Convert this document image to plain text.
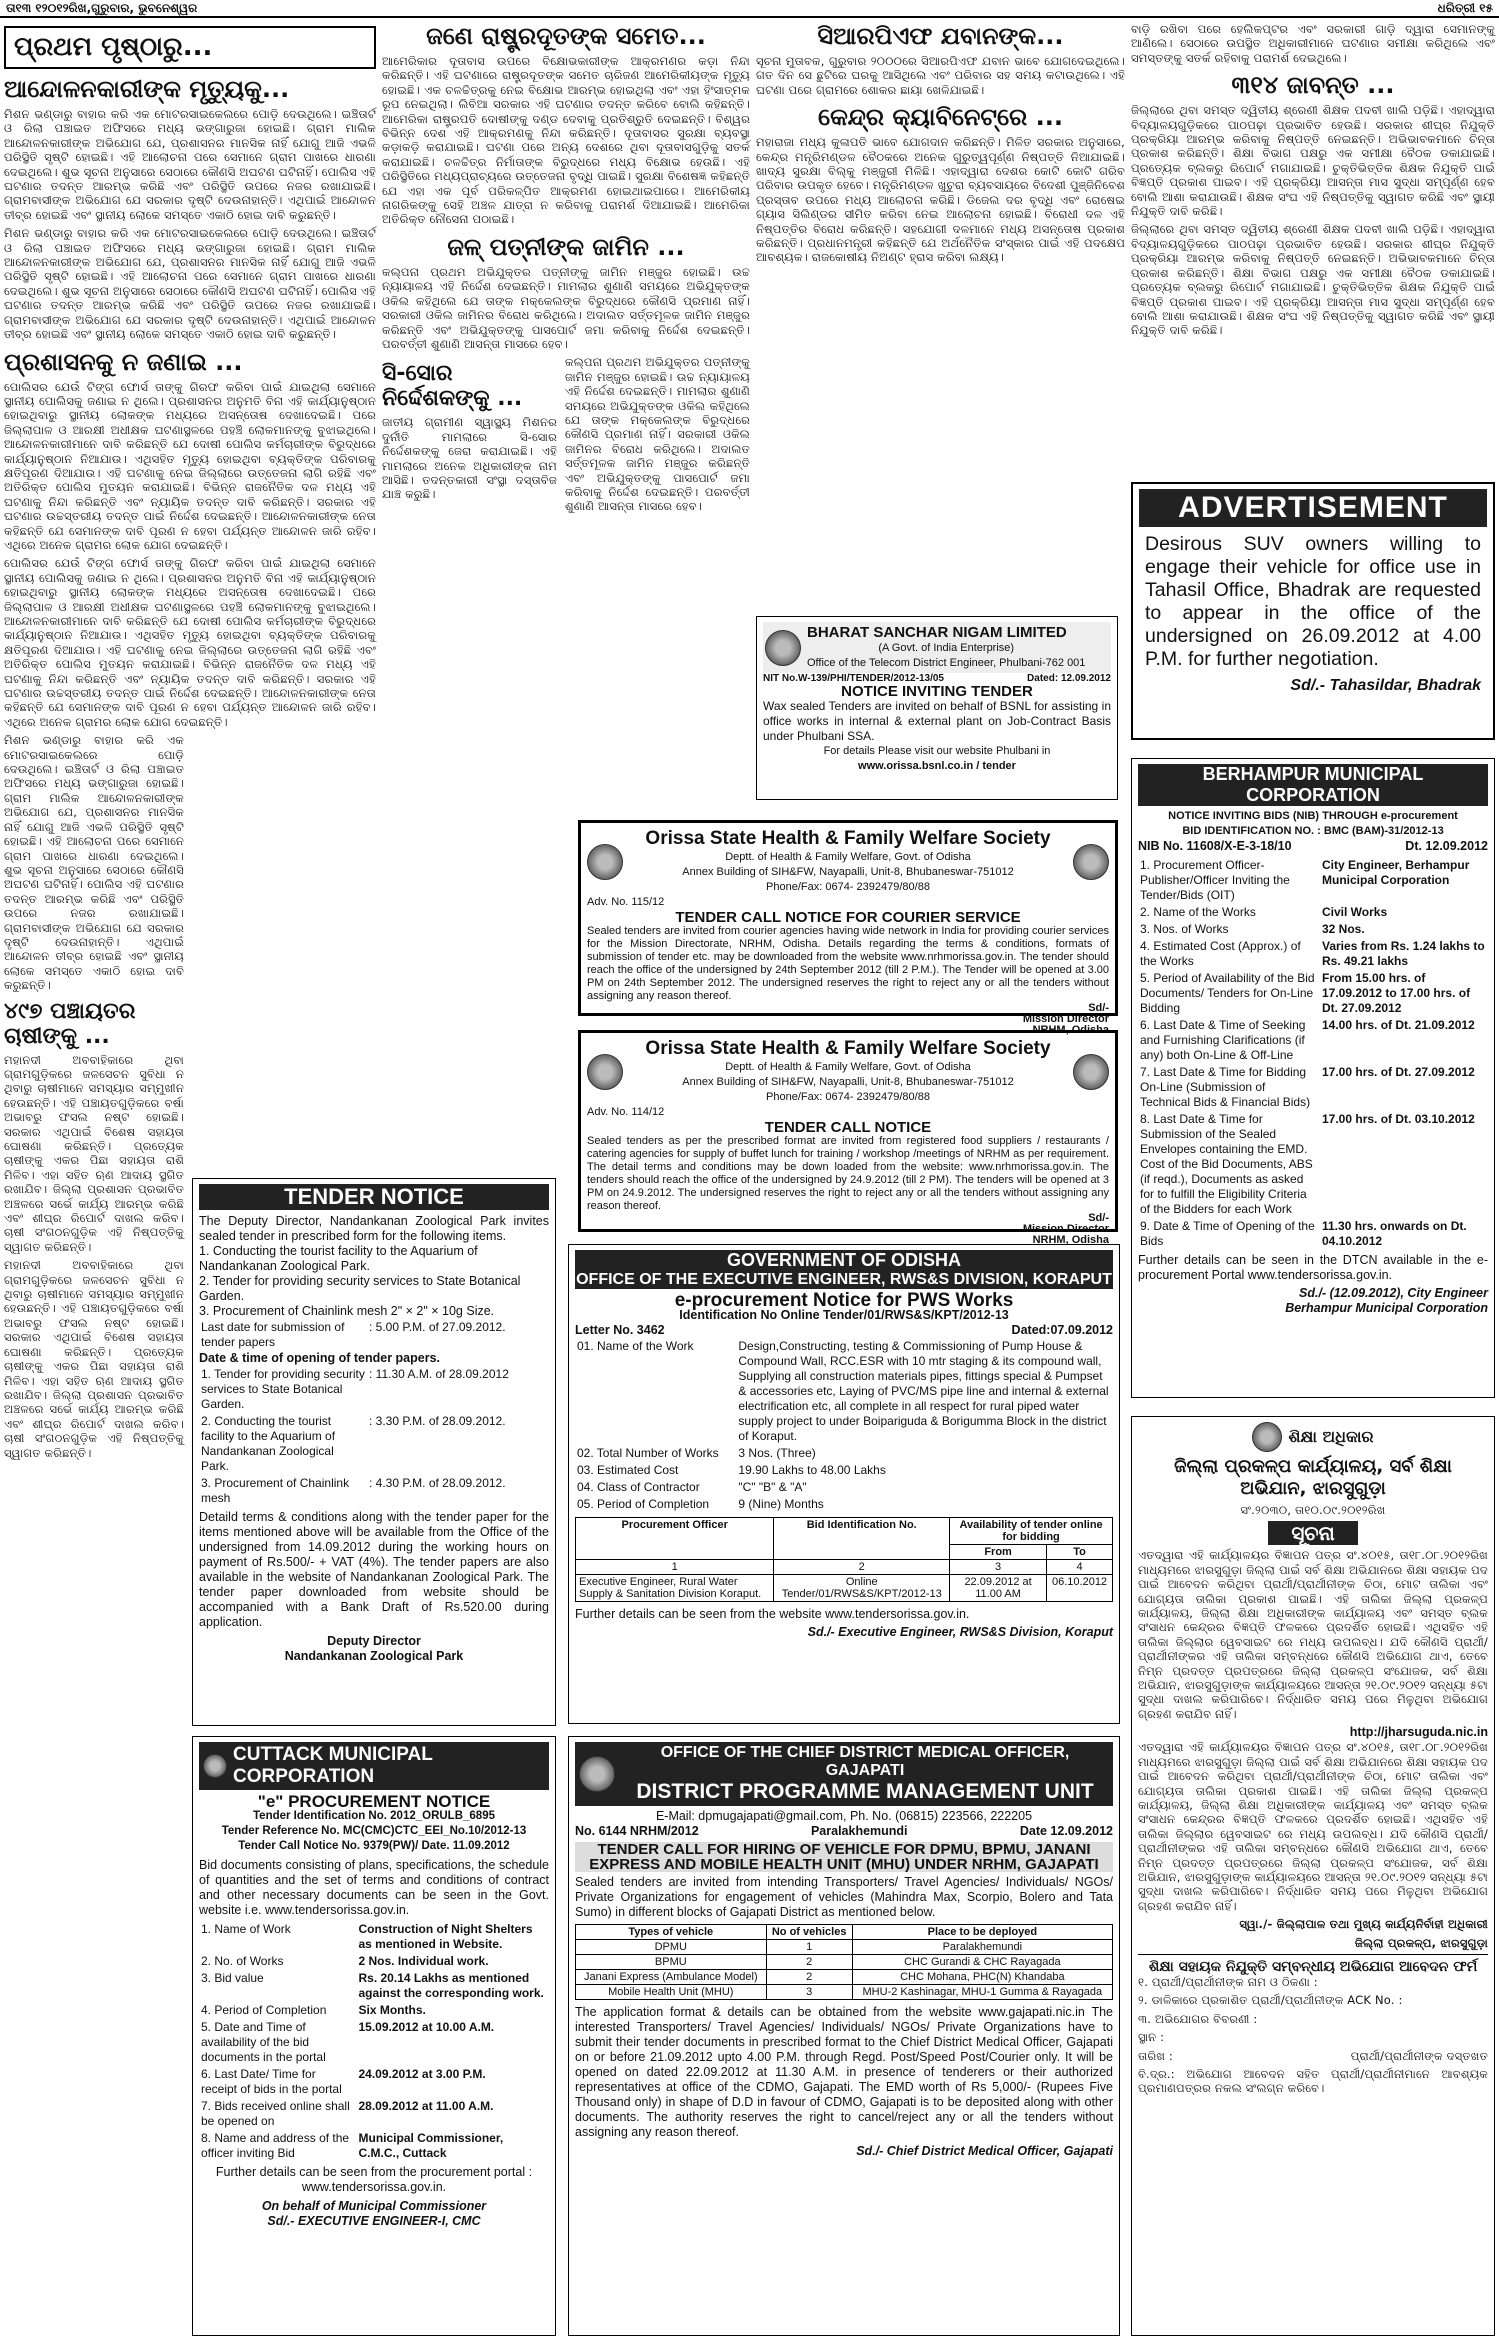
ତା୧୩ ୧୨୦୧୨ରିଖ,ଗୁରୁବାର, ଭୁବନେଶ୍ୱର	ଧରିତ୍ରୀ ୧୫
ପ୍ରଥମ ପୃଷ୍ଠାରୁ...
ଆନ୍ଦୋଳନକାରୀଙ୍କ ମୃତ୍ୟୁକୁ...

ମିଶନ ଭଣ୍ଡାରୁ ବାହାର କରି ଏକ ମୋଟରସାଇକେଲରେ ପୋଡ଼ି ଦେଉଥିଲେ। ଇଞ୍ଚିତାର୍ଟ ଓ ରିଲା ପଞ୍ଚାଇତ ଅଫିସରେ ମଧ୍ୟ ଭଙ୍ଗାରୁଜା ହୋଇଛି। ଗ୍ରାମ ମାଲିକ ଆନ୍ଦୋଳନକାରୀଙ୍କ ଅଭିଯୋଗ ଯେ, ପ୍ରଶାସନର ମାନସିକ ନାହିଁ ଯୋଗୁ ଆଜି ଏଭଳି ପରିସ୍ଥିତି ସୃଷ୍ଟି ହୋଇଛି। ଏହି ଆଲୋଚନା ପରେ ସେମାନେ ଗ୍ରାମ ପାଖରେ ଧାରଣା ଦେଇଥିଲେ। ଶୁଭ ସୂଚନା ଅନୁସାରେ ସେଠାରେ କୌଣସି ଅଘଟଣ ଘଟିନାହିଁ। ପୋଲିସ ଏହି ଘଟଣାର ତଦନ୍ତ ଆରମ୍ଭ କରିଛି ଏବଂ ପରିସ୍ଥିତି ଉପରେ ନଜର ରଖାଯାଇଛି। ଗ୍ରାମବାସୀଙ୍କ ଅଭିଯୋଗ ଯେ ସରକାର ଦୃଷ୍ଟି ଦେଉନାହାନ୍ତି। ଏଥିପାଇଁ ଆନ୍ଦୋଳନ ତୀବ୍ର ହୋଇଛି ଏବଂ ସ୍ଥାନୀୟ ଲୋକେ ସମସ୍ତେ ଏକାଠି ହୋଇ ଦାବି କରୁଛନ୍ତି।

ମିଶନ ଭଣ୍ଡାରୁ ବାହାର କରି ଏକ ମୋଟରସାଇକେଲରେ ପୋଡ଼ି ଦେଉଥିଲେ। ଇଞ୍ଚିତାର୍ଟ ଓ ରିଲା ପଞ୍ଚାଇତ ଅଫିସରେ ମଧ୍ୟ ଭଙ୍ଗାରୁଜା ହୋଇଛି। ଗ୍ରାମ ମାଲିକ ଆନ୍ଦୋଳନକାରୀଙ୍କ ଅଭିଯୋଗ ଯେ, ପ୍ରଶାସନର ମାନସିକ ନାହିଁ ଯୋଗୁ ଆଜି ଏଭଳି ପରିସ୍ଥିତି ସୃଷ୍ଟି ହୋଇଛି। ଏହି ଆଲୋଚନା ପରେ ସେମାନେ ଗ୍ରାମ ପାଖରେ ଧାରଣା ଦେଇଥିଲେ। ଶୁଭ ସୂଚନା ଅନୁସାରେ ସେଠାରେ କୌଣସି ଅଘଟଣ ଘଟିନାହିଁ। ପୋଲିସ ଏହି ଘଟଣାର ତଦନ୍ତ ଆରମ୍ଭ କରିଛି ଏବଂ ପରିସ୍ଥିତି ଉପରେ ନଜର ରଖାଯାଇଛି। ଗ୍ରାମବାସୀଙ୍କ ଅଭିଯୋଗ ଯେ ସରକାର ଦୃଷ୍ଟି ଦେଉନାହାନ୍ତି। ଏଥିପାଇଁ ଆନ୍ଦୋଳନ ତୀବ୍ର ହୋଇଛି ଏବଂ ସ୍ଥାନୀୟ ଲୋକେ ସମସ୍ତେ ଏକାଠି ହୋଇ ଦାବି କରୁଛନ୍ତି।

ପ୍ରଶାସନକୁ ନ ଜଣାଇ ...

ପୋଲିସର ଯେଉଁ ଟିଙ୍ଗ ଫୋର୍ସ ତାଙ୍କୁ ଗିରଫ କରିବା ପାଇଁ ଯାଇଥିଲା ସେମାନେ ସ୍ଥାନୀୟ ପୋଲିସକୁ ଜଣାଇ ନ ଥିଲେ। ପ୍ରଶାସନର ଅନୁମତି ବିନା ଏହି କାର୍ଯ୍ୟାନୁଷ୍ଠାନ ହୋଇଥିବାରୁ ସ୍ଥାନୀୟ ଲୋକଙ୍କ ମଧ୍ୟରେ ଅସନ୍ତୋଷ ଦେଖାଦେଇଛି। ପରେ ଜିଲ୍ଲାପାଳ ଓ ଆରକ୍ଷୀ ଅଧୀକ୍ଷକ ଘଟଣାସ୍ଥଳରେ ପହଞ୍ଚି ଲୋକମାନଙ୍କୁ ବୁଝାଇଥିଲେ। ଆନ୍ଦୋଳନକାରୀମାନେ ଦାବି କରିଛନ୍ତି ଯେ ଦୋଷୀ ପୋଲିସ କର୍ମଚାରୀଙ୍କ ବିରୁଦ୍ଧରେ କାର୍ଯ୍ୟାନୁଷ୍ଠାନ ନିଆଯାଉ। ଏଥିସହିତ ମୃତ୍ୟୁ ହୋଇଥିବା ବ୍ୟକ୍ତିଙ୍କ ପରିବାରକୁ କ୍ଷତିପୂରଣ ଦିଆଯାଉ। ଏହି ଘଟଣାକୁ ନେଇ ଜିଲ୍ଲାରେ ଉତ୍ତେଜନା ଲାଗି ରହିଛି ଏବଂ ଅତିରିକ୍ତ ପୋଲିସ ମୁତୟନ କରାଯାଇଛି। ବିଭିନ୍ନ ରାଜନୈତିକ ଦଳ ମଧ୍ୟ ଏହି ଘଟଣାକୁ ନିନ୍ଦା କରିଛନ୍ତି ଏବଂ ନ୍ୟାୟିକ ତଦନ୍ତ ଦାବି କରିଛନ୍ତି। ସରକାର ଏହି ଘଟଣାର ଉଚ୍ଚସ୍ତରୀୟ ତଦନ୍ତ ପାଇଁ ନିର୍ଦ୍ଦେଶ ଦେଇଛନ୍ତି। ଆନ୍ଦୋଳନକାରୀଙ୍କ ନେତା କହିଛନ୍ତି ଯେ ସେମାନଙ୍କ ଦାବି ପୂରଣ ନ ହେବା ପର୍ଯ୍ୟନ୍ତ ଆନ୍ଦୋଳନ ଜାରି ରହିବ। ଏଥିରେ ଅନେକ ଗ୍ରାମର ଲୋକ ଯୋଗ ଦେଇଛନ୍ତି।

ପୋଲିସର ଯେଉଁ ଟିଙ୍ଗ ଫୋର୍ସ ତାଙ୍କୁ ଗିରଫ କରିବା ପାଇଁ ଯାଇଥିଲା ସେମାନେ ସ୍ଥାନୀୟ ପୋଲିସକୁ ଜଣାଇ ନ ଥିଲେ। ପ୍ରଶାସନର ଅନୁମତି ବିନା ଏହି କାର୍ଯ୍ୟାନୁଷ୍ଠାନ ହୋଇଥିବାରୁ ସ୍ଥାନୀୟ ଲୋକଙ୍କ ମଧ୍ୟରେ ଅସନ୍ତୋଷ ଦେଖାଦେଇଛି। ପରେ ଜିଲ୍ଲାପାଳ ଓ ଆରକ୍ଷୀ ଅଧୀକ୍ଷକ ଘଟଣାସ୍ଥଳରେ ପହଞ୍ଚି ଲୋକମାନଙ୍କୁ ବୁଝାଇଥିଲେ। ଆନ୍ଦୋଳନକାରୀମାନେ ଦାବି କରିଛନ୍ତି ଯେ ଦୋଷୀ ପୋଲିସ କର୍ମଚାରୀଙ୍କ ବିରୁଦ୍ଧରେ କାର୍ଯ୍ୟାନୁଷ୍ଠାନ ନିଆଯାଉ। ଏଥିସହିତ ମୃତ୍ୟୁ ହୋଇଥିବା ବ୍ୟକ୍ତିଙ୍କ ପରିବାରକୁ କ୍ଷତିପୂରଣ ଦିଆଯାଉ। ଏହି ଘଟଣାକୁ ନେଇ ଜିଲ୍ଲାରେ ଉତ୍ତେଜନା ଲାଗି ରହିଛି ଏବଂ ଅତିରିକ୍ତ ପୋଲିସ ମୁତୟନ କରାଯାଇଛି। ବିଭିନ୍ନ ରାଜନୈତିକ ଦଳ ମଧ୍ୟ ଏହି ଘଟଣାକୁ ନିନ୍ଦା କରିଛନ୍ତି ଏବଂ ନ୍ୟାୟିକ ତଦନ୍ତ ଦାବି କରିଛନ୍ତି। ସରକାର ଏହି ଘଟଣାର ଉଚ୍ଚସ୍ତରୀୟ ତଦନ୍ତ ପାଇଁ ନିର୍ଦ୍ଦେଶ ଦେଇଛନ୍ତି। ଆନ୍ଦୋଳନକାରୀଙ୍କ ନେତା କହିଛନ୍ତି ଯେ ସେମାନଙ୍କ ଦାବି ପୂରଣ ନ ହେବା ପର୍ଯ୍ୟନ୍ତ ଆନ୍ଦୋଳନ ଜାରି ରହିବ। ଏଥିରେ ଅନେକ ଗ୍ରାମର ଲୋକ ଯୋଗ ଦେଇଛନ୍ତି।

ମିଶନ ଭଣ୍ଡାରୁ ବାହାର କରି ଏକ ମୋଟରସାଇକେଲରେ ପୋଡ଼ି ଦେଉଥିଲେ। ଇଞ୍ଚିତାର୍ଟ ଓ ରିଲା ପଞ୍ଚାଇତ ଅଫିସରେ ମଧ୍ୟ ଭଙ୍ଗାରୁଜା ହୋଇଛି। ଗ୍ରାମ ମାଲିକ ଆନ୍ଦୋଳନକାରୀଙ୍କ ଅଭିଯୋଗ ଯେ, ପ୍ରଶାସନର ମାନସିକ ନାହିଁ ଯୋଗୁ ଆଜି ଏଭଳି ପରିସ୍ଥିତି ସୃଷ୍ଟି ହୋଇଛି। ଏହି ଆଲୋଚନା ପରେ ସେମାନେ ଗ୍ରାମ ପାଖରେ ଧାରଣା ଦେଇଥିଲେ। ଶୁଭ ସୂଚନା ଅନୁସାରେ ସେଠାରେ କୌଣସି ଅଘଟଣ ଘଟିନାହିଁ। ପୋଲିସ ଏହି ଘଟଣାର ତଦନ୍ତ ଆରମ୍ଭ କରିଛି ଏବଂ ପରିସ୍ଥିତି ଉପରେ ନଜର ରଖାଯାଇଛି। ଗ୍ରାମବାସୀଙ୍କ ଅଭିଯୋଗ ଯେ ସରକାର ଦୃଷ୍ଟି ଦେଉନାହାନ୍ତି। ଏଥିପାଇଁ ଆନ୍ଦୋଳନ ତୀବ୍ର ହୋଇଛି ଏବଂ ସ୍ଥାନୀୟ ଲୋକେ ସମସ୍ତେ ଏକାଠି ହୋଇ ଦାବି କରୁଛନ୍ତି।

୪୯୭ ପଞ୍ଚାୟତର ଚାଷୀଙ୍କୁ ...

ମହାନଦୀ ଅବବାହିକାରେ ଥିବା ଗ୍ରାମଗୁଡ଼ିକରେ ଜଳସେଚନ ସୁବିଧା ନ ଥିବାରୁ ଚାଷୀମାନେ ସମସ୍ୟାର ସମ୍ମୁଖୀନ ହେଉଛନ୍ତି। ଏହି ପଞ୍ଚାୟତଗୁଡ଼ିକରେ ବର୍ଷା ଅଭାବରୁ ଫସଲ ନଷ୍ଟ ହୋଇଛି। ସରକାର ଏଥିପାଇଁ ବିଶେଷ ସହାୟତା ଘୋଷଣା କରିଛନ୍ତି। ପ୍ରତ୍ୟେକ ଚାଷୀଙ୍କୁ ଏକର ପିଛା ସହାୟତା ରାଶି ମିଳିବ। ଏହା ସହିତ ଋଣ ଆଦାୟ ସ୍ଥଗିତ ରଖାଯିବ। ଜିଲ୍ଲା ପ୍ରଶାସନ ପ୍ରଭାବିତ ଅଞ୍ଚଳରେ ସର୍ଭେ କାର୍ଯ୍ୟ ଆରମ୍ଭ କରିଛି ଏବଂ ଶୀଘ୍ର ରିପୋର୍ଟ ଦାଖଲ କରିବ। ଚାଷୀ ସଂଗଠନଗୁଡ଼ିକ ଏହି ନିଷ୍ପତ୍ତିକୁ ସ୍ୱାଗତ କରିଛନ୍ତି।

ମହାନଦୀ ଅବବାହିକାରେ ଥିବା ଗ୍ରାମଗୁଡ଼ିକରେ ଜଳସେଚନ ସୁବିଧା ନ ଥିବାରୁ ଚାଷୀମାନେ ସମସ୍ୟାର ସମ୍ମୁଖୀନ ହେଉଛନ୍ତି। ଏହି ପଞ୍ଚାୟତଗୁଡ଼ିକରେ ବର୍ଷା ଅଭାବରୁ ଫସଲ ନଷ୍ଟ ହୋଇଛି। ସରକାର ଏଥିପାଇଁ ବିଶେଷ ସହାୟତା ଘୋଷଣା କରିଛନ୍ତି। ପ୍ରତ୍ୟେକ ଚାଷୀଙ୍କୁ ଏକର ପିଛା ସହାୟତା ରାଶି ମିଳିବ। ଏହା ସହିତ ଋଣ ଆଦାୟ ସ୍ଥଗିତ ରଖାଯିବ। ଜିଲ୍ଲା ପ୍ରଶାସନ ପ୍ରଭାବିତ ଅଞ୍ଚଳରେ ସର୍ଭେ କାର୍ଯ୍ୟ ଆରମ୍ଭ କରିଛି ଏବଂ ଶୀଘ୍ର ରିପୋର୍ଟ ଦାଖଲ କରିବ। ଚାଷୀ ସଂଗଠନଗୁଡ଼ିକ ଏହି ନିଷ୍ପତ୍ତିକୁ ସ୍ୱାଗତ କରିଛନ୍ତି।

TENDER NOTICE
The Deputy Director, Nandankanan Zoological Park invites sealed tender in prescribed form for the following items.
1. Conducting the tourist facility to the Aquarium of Nandankanan Zoological Park.
2. Tender for providing security services to State Botanical Garden.
3. Procurement of Chainlink mesh 2" × 2" × 10g Size.
Last date for submission of tender papers	: 5.00 P.M. of 27.09.2012.
Date & time of opening of tender papers.
1. Tender for providing security services to State Botanical Garden.	: 11.30 A.M. of 28.09.2012
2. Conducting the tourist facility to the Aquarium of Nandankanan Zoological Park.	: 3.30 P.M. of 28.09.2012.
3. Procurement of Chainlink mesh	: 4.30 P.M. of 28.09.2012.
Detaild terms & conditions along with the tender paper for the items mentioned above will be available from the Office of the undersigned from 14.09.2012 during the working hours on payment of Rs.500/- + VAT (4%). The tender papers are also available in the website of Nandankanan Zoological Park. The tender paper downloaded from website should be accompanied with a Bank Draft of Rs.520.00 during application.
Deputy Director
Nandankanan Zoological Park
CUTTACK MUNICIPAL CORPORATION
"e" PROCUREMENT NOTICE
Tender Identification No. 2012_ORULB_6895
Tender Reference No. MC(CMC)CTC_EEI_No.10/2012-13
Tender Call Notice No. 9379(PW)/ Date. 11.09.2012
Bid documents consisting of plans, specifications, the schedule of quantities and the set of terms and conditions of contract and other necessary documents can be seen in the Govt. website i.e. www.tendersorissa.gov.in.
1. Name of Work	Construction of Night Shelters as mentioned in Website.
2. No. of Works	2 Nos. Individual work.
3. Bid value	Rs. 20.14 Lakhs as mentioned against the corresponding work.
4. Period of Completion	Six Months.
5. Date and Time of availability of the bid documents in the portal	15.09.2012 at 10.00 A.M.
6. Last Date/ Time for receipt of bids in the portal	24.09.2012 at 3.00 P.M.
7. Bids received online shall be opened on	28.09.2012 at 11.00 A.M.
8. Name and address of the officer inviting Bid	Municipal Commissioner, C.M.C., Cuttack
Further details can be seen from the procurement portal : www.tendersorissa.gov.in.
On behalf of Municipal Commissioner
Sd/.- EXECUTIVE ENGINEER-I, CMC
ଜଣେ ରାଷ୍ଟ୍ରଦୂତଙ୍କ ସମେତ...

ଆମେରିକାର ଦୂତାବାସ ଉପରେ ବିକ୍ଷୋଭକାରୀଙ୍କ ଆକ୍ରମଣର କଡ଼ା ନିନ୍ଦା କରିଛନ୍ତି। ଏହି ଘଟଣାରେ ରାଷ୍ଟ୍ରଦୂତଙ୍କ ସମେତ ଚାରିଜଣ ଆମେରିକୀୟଙ୍କ ମୃତ୍ୟୁ ହୋଇଛି। ଏକ ଚଳଚ୍ଚିତ୍ରକୁ ନେଇ ବିକ୍ଷୋଭ ଆରମ୍ଭ ହୋଇଥିଲା ଏବଂ ଏହା ହିଂସାତ୍ମକ ରୂପ ନେଇଥିଲା। ଲିବିଆ ସରକାର ଏହି ଘଟଣାର ତଦନ୍ତ କରିବେ ବୋଲି କହିଛନ୍ତି। ଆମେରିକା ରାଷ୍ଟ୍ରପତି ଦୋଷୀଙ୍କୁ ଦଣ୍ଡ ଦେବାକୁ ପ୍ରତିଶ୍ରୁତି ଦେଇଛନ୍ତି। ବିଶ୍ୱର ବିଭିନ୍ନ ଦେଶ ଏହି ଆକ୍ରମଣକୁ ନିନ୍ଦା କରିଛନ୍ତି। ଦୂତାବାସର ସୁରକ୍ଷା ବ୍ୟବସ୍ଥା କଡ଼ାକଡ଼ି କରାଯାଇଛି। ଘଟଣା ପରେ ଅନ୍ୟ ଦେଶରେ ଥିବା ଦୂତାବାସଗୁଡ଼ିକୁ ସତର୍କ କରାଯାଇଛି। ଚଳଚ୍ଚିତ୍ର ନିର୍ମାତାଙ୍କ ବିରୁଦ୍ଧରେ ମଧ୍ୟ ବିକ୍ଷୋଭ ହେଉଛି। ଏହି ପରିସ୍ଥିତିରେ ମଧ୍ୟପ୍ରାଚ୍ୟରେ ଉତ୍ତେଜନା ବୃଦ୍ଧି ପାଇଛି। ସୁରକ୍ଷା ବିଶେଷଜ୍ଞ କହିଛନ୍ତି ଯେ ଏହା ଏକ ପୂର୍ବ ପରିକଳ୍ପିତ ଆକ୍ରମଣ ହୋଇଥାଇପାରେ। ଆମେରିକୀୟ ନାଗରିକଙ୍କୁ ସେହି ଅଞ୍ଚଳ ଯାତ୍ରା ନ କରିବାକୁ ପରାମର୍ଶ ଦିଆଯାଇଛି। ଆମେରିକା ଅତିରିକ୍ତ ନୌସେନା ପଠାଇଛି।

ଜଳ୍ ପତ୍ନୀଙ୍କ ଜାମିନ ...

କଲ୍ପନା ପ୍ରଥମ ଅଭିଯୁକ୍ତର ପତ୍ନୀଙ୍କୁ ଜାମିନ ମଞ୍ଜୁର ହୋଇଛି। ଉଚ୍ଚ ନ୍ୟାୟାଳୟ ଏହି ନିର୍ଦ୍ଦେଶ ଦେଇଛନ୍ତି। ମାମଲାର ଶୁଣାଣି ସମୟରେ ଅଭିଯୁକ୍ତଙ୍କ ଓକିଲ କହିଥିଲେ ଯେ ତାଙ୍କ ମକ୍କେଲଙ୍କ ବିରୁଦ୍ଧରେ କୌଣସି ପ୍ରମାଣ ନାହିଁ। ସରକାରୀ ଓକିଲ ଜାମିନର ବିରୋଧ କରିଥିଲେ। ଅଦାଲତ ସର୍ତ୍ତମୂଳକ ଜାମିନ ମଞ୍ଜୁର କରିଛନ୍ତି ଏବଂ ଅଭିଯୁକ୍ତଙ୍କୁ ପାସପୋର୍ଟ ଜମା କରିବାକୁ ନିର୍ଦ୍ଦେଶ ଦେଇଛନ୍ତି। ପରବର୍ତ୍ତୀ ଶୁଣାଣି ଆସନ୍ତା ମାସରେ ହେବ।

ସି-ସୋର ନିର୍ଦ୍ଦେଶକଙ୍କୁ ...

ଜାତୀୟ ଗ୍ରାମୀଣ ସ୍ୱାସ୍ଥ୍ୟ ମିଶନର ଦୁର୍ନୀତି ମାମଲାରେ ସି-ସୋର ନିର୍ଦ୍ଦେଶକଙ୍କୁ ଜେରା କରାଯାଇଛି। ଏହି ମାମଲାରେ ଅନେକ ଅଧିକାରୀଙ୍କ ନାମ ଆସିଛି। ତଦନ୍ତକାରୀ ସଂସ୍ଥା ଦସ୍ତାବିଜ ଯାଞ୍ଚ କରୁଛି।

କଲ୍ପନା ପ୍ରଥମ ଅଭିଯୁକ୍ତର ପତ୍ନୀଙ୍କୁ ଜାମିନ ମଞ୍ଜୁର ହୋଇଛି। ଉଚ୍ଚ ନ୍ୟାୟାଳୟ ଏହି ନିର୍ଦ୍ଦେଶ ଦେଇଛନ୍ତି। ମାମଲାର ଶୁଣାଣି ସମୟରେ ଅଭିଯୁକ୍ତଙ୍କ ଓକିଲ କହିଥିଲେ ଯେ ତାଙ୍କ ମକ୍କେଲଙ୍କ ବିରୁଦ୍ଧରେ କୌଣସି ପ୍ରମାଣ ନାହିଁ। ସରକାରୀ ଓକିଲ ଜାମିନର ବିରୋଧ କରିଥିଲେ। ଅଦାଲତ ସର୍ତ୍ତମୂଳକ ଜାମିନ ମଞ୍ଜୁର କରିଛନ୍ତି ଏବଂ ଅଭିଯୁକ୍ତଙ୍କୁ ପାସପୋର୍ଟ ଜମା କରିବାକୁ ନିର୍ଦ୍ଦେଶ ଦେଇଛନ୍ତି। ପରବର୍ତ୍ତୀ ଶୁଣାଣି ଆସନ୍ତା ମାସରେ ହେବ।

ସିଆରପିଏଫ ଯବାନଙ୍କ...

ସୂଚନା ମୁତାବକ, ଗୁରୁବାର ୨୦୦୦ରେ ସିଆରପିଏଫ ଯବାନ ଭାବେ ଯୋଗଦେଇଥିଲେ। ଗତ ଦିନ ସେ ଛୁଟିରେ ଘରକୁ ଆସିଥିଲେ ଏବଂ ପରିବାର ସହ ସମୟ କଟାଉଥିଲେ। ଏହି ଘଟଣା ପରେ ଗ୍ରାମରେ ଶୋକର ଛାୟା ଖେଳିଯାଇଛି।

କେନ୍ଦ୍ର କ୍ୟାବିନେଟ୍‌ରେ ...

ମହାରାଜା ମଧ୍ୟ କୁଳାପତି ଭାବେ ଯୋଗଦାନ କରିଛନ୍ତି। ମିଳିତ ସରକାର ଅନୁସାରେ, କେନ୍ଦ୍ର ମନ୍ତ୍ରିମଣ୍ଡଳ ବୈଠକରେ ଅନେକ ଗୁରୁତ୍ୱପୂର୍ଣ୍ଣ ନିଷ୍ପତ୍ତି ନିଆଯାଇଛି। ଖାଦ୍ୟ ସୁରକ୍ଷା ବିଲ୍‌କୁ ମଞ୍ଜୁରୀ ମିଳିଛି। ଏହାଦ୍ୱାରା ଦେଶର କୋଟି କୋଟି ଗରିବ ପରିବାର ଉପକୃତ ହେବେ। ମନ୍ତ୍ରିମଣ୍ଡଳ ଖୁଚୁରା ବ୍ୟବସାୟରେ ବିଦେଶୀ ପୁଞ୍ଜିନିବେଶ ପ୍ରସ୍ତାବ ଉପରେ ମଧ୍ୟ ଆଲୋଚନା କରିଛି। ଡିଜେଲ ଦର ବୃଦ୍ଧି ଏବଂ ରୋଷେଇ ଗ୍ୟାସ ସିଲିଣ୍ଡର ସୀମିତ କରିବା ନେଇ ଆଲୋଚନା ହୋଇଛି। ବିରୋଧୀ ଦଳ ଏହି ନିଷ୍ପତ୍ତିର ବିରୋଧ କରିଛନ୍ତି। ସହଯୋଗୀ ଦଳମାନେ ମଧ୍ୟ ଅସନ୍ତୋଷ ପ୍ରକାଶ କରିଛନ୍ତି। ପ୍ରଧାନମନ୍ତ୍ରୀ କହିଛନ୍ତି ଯେ ଅର୍ଥନୈତିକ ସଂସ୍କାର ପାଇଁ ଏହି ପଦକ୍ଷେପ ଆବଶ୍ୟକ। ରାଜକୋଷୀୟ ନିଅଣ୍ଟ ହ୍ରାସ କରିବା ଲକ୍ଷ୍ୟ।

BHARAT SANCHAR NIGAM LIMITED
(A Govt. of India Enterprise)
Office of the Telecom District Engineer, Phulbani-762 001
NIT No.W-139/PHI/TENDER/2012-13/05	Dated: 12.09.2012
NOTICE INVITING TENDER
Wax sealed Tenders are invited on behalf of BSNL for assisting in office works in internal & external plant on Job-Contract Basis under Phulbani SSA.
For details Please visit our website Phulbani in
www.orissa.bsnl.co.in / tender
Orissa State Health & Family Welfare Society
Deptt. of Health & Family Welfare, Govt. of Odisha
Annex Building of SIH&FW, Nayapalli, Unit-8, Bhubaneswar-751012
Phone/Fax: 0674- 2392479/80/88
Adv. No. 115/12
TENDER CALL NOTICE FOR COURIER SERVICE
Sealed tenders are invited from courier agencies having wide network in India for providing courier services for the Mission Directorate, NRHM, Odisha. Details regarding the terms & conditions, formats of submission of tender etc. may be downloaded from the website www.nrhmorissa.gov.in. The tender should reach the office of the undersigned by 24th September 2012 (till 2 P.M.). The Tender will be opened at 3.00 PM on 24th September 2012. The undersigned reserves the right to reject any or all the tenders without assigning any reason thereof.
Sd/-
Mission Director
NRHM, Odisha
Orissa State Health & Family Welfare Society
Deptt. of Health & Family Welfare, Govt. of Odisha
Annex Building of SIH&FW, Nayapalli, Unit-8, Bhubaneswar-751012
Phone/Fax: 0674- 2392479/80/88
Adv. No. 114/12
TENDER CALL NOTICE
Sealed tenders as per the prescribed format are invited from registered food suppliers / restaurants / catering agencies for supply of buffet lunch for training / workshop /meetings of NRHM as per requirement. The detail terms and conditions may be down loaded from the website: www.nrhmorissa.gov.in. The tenders should reach the office of the undersigned by 24.9.2012 (till 2 PM). The tenders will be opened at 3 PM on 24.9.2012. The undersigned reserves the right to reject any or all the tenders without assigning any reason thereof.
Sd/-
Mission Director
NRHM, Odisha
GOVERNMENT OF ODISHA
OFFICE OF THE EXECUTIVE ENGINEER, RWS&S DIVISION, KORAPUT
e-procurement Notice for PWS Works
Identification No Online Tender/01/RWS&S/KPT/2012-13
Letter No. 3462	Dated:07.09.2012
01. Name of the Work	Design,Constructing, testing & Commissioning of Pump House & Compound Wall, RCC.ESR with 10 mtr staging & its compound wall, Supplying all construction materials pipes, fittings special & Pumpset & accessories etc, Laying of PVC/MS pipe line and internal & external electrification etc, all complete in all respect for rural piped water supply project to under Boipariguda & Borigumma Block in the district of Koraput.
02. Total Number of Works	3 Nos. (Three)
03. Estimated Cost	19.90 Lakhs to 48.00 Lakhs
04. Class of Contractor	"C" "B" & "A"
05. Period of Completion	9 (Nine) Months
Procurement Officer	Bid Identification No.	Availability of tender online for bidding	
		From	To
1	2	3	4
Executive Engineer, Rural Water Supply & Sanitation Division Koraput.	Online Tender/01/RWS&S/KPT/2012-13	22.09.2012 at 11.00 AM	06.10.2012
Further details can be seen from the website www.tendersorissa.gov.in.
Sd./- Executive Engineer, RWS&S Division, Koraput
OFFICE OF THE CHIEF DISTRICT MEDICAL OFFICER, GAJAPATI
DISTRICT PROGRAMME MANAGEMENT UNIT
E-Mail: dpmugajapati@gmail.com, Ph. No. (06815) 223566, 222205
No. 6144 NRHM/2012	Paralakhemundi	Date 12.09.2012
TENDER CALL FOR HIRING OF VEHICLE FOR DPMU, BPMU, JANANI EXPRESS AND MOBILE HEALTH UNIT (MHU) UNDER NRHM, GAJAPATI
Sealed tenders are invited from intending Transporters/ Travel Agencies/ Individuals/ NGOs/ Private Organizations for engagement of vehicles (Mahindra Max, Scorpio, Bolero and Tata Sumo) in different blocks of Gajapati District as mentioned below.
Types of vehicle	No of vehicles	Place to be deployed
DPMU	1	Paralakhemundi
BPMU	2	CHC Gurandi & CHC Rayagada
Janani Express (Ambulance Model)	2	CHC Mohana, PHC(N) Khandaba
Mobile Health Unit (MHU)	3	MHU-2 Kashinagar, MHU-1 Gumma & Rayagada
The application format & details can be obtained from the website www.gajapati.nic.in The interested Transporters/ Travel Agencies/ Individuals/ NGOs/ Private Organizations have to submit their tender documents in prescribed format to the Chief District Medical Officer, Gajapati on or before 21.09.2012 upto 4.00 P.M. through Regd. Post/Speed Post/Courier only. It will be opened on dated 22.09.2012 at 11.30 A.M. in presence of tenderers or their authorized representatives at office of the CDMO, Gajapati. The EMD worth of Rs 5,000/- (Rupees Five Thousand only) in shape of D.D in favour of CDMO, Gajapati is to be deposited along with other documents. The authority reserves the right to cancel/reject any or all the tenders without assigning any reason thereof.
Sd./- Chief District Medical Officer, Gajapati

ବାଡ଼ି ରଖିବା ପରେ ହେଲିକପ୍ଟର ଏବଂ ସରକାରୀ ଗାଡ଼ି ଦ୍ୱାରା ସେମାନଙ୍କୁ ଆଣିଲେ। ସେଠାରେ ଉପସ୍ଥିତ ଅଧିକାରୀମାନେ ଘଟଣାର ସମୀକ୍ଷା କରିଥିଲେ ଏବଂ ସମସ୍ତଙ୍କୁ ସତର୍କ ରହିବାକୁ ପରାମର୍ଶ ଦେଇଥିଲେ।

୩୧୪ ଜାବନ୍ତ ...

ଜିଲ୍ଲାରେ ଥିବା ସମସ୍ତ ଦ୍ୱିତୀୟ ଶ୍ରେଣୀ ଶିକ୍ଷକ ପଦବୀ ଖାଲି ପଡ଼ିଛି। ଏହାଦ୍ୱାରା ବିଦ୍ୟାଳୟଗୁଡ଼ିକରେ ପାଠପଢ଼ା ପ୍ରଭାବିତ ହେଉଛି। ସରକାର ଶୀଘ୍ର ନିଯୁକ୍ତି ପ୍ରକ୍ରିୟା ଆରମ୍ଭ କରିବାକୁ ନିଷ୍ପତ୍ତି ନେଇଛନ୍ତି। ଅଭିଭାବକମାନେ ଚିନ୍ତା ପ୍ରକାଶ କରିଛନ୍ତି। ଶିକ୍ଷା ବିଭାଗ ପକ୍ଷରୁ ଏକ ସମୀକ୍ଷା ବୈଠକ ଡକାଯାଇଛି। ପ୍ରତ୍ୟେକ ବ୍ଲକରୁ ରିପୋର୍ଟ ମଗାଯାଇଛି। ଚୁକ୍ତିଭିତ୍ତିକ ଶିକ୍ଷକ ନିଯୁକ୍ତି ପାଇଁ ବିଜ୍ଞପ୍ତି ପ୍ରକାଶ ପାଇବ। ଏହି ପ୍ରକ୍ରିୟା ଆସନ୍ତା ମାସ ସୁଦ୍ଧା ସମ୍ପୂର୍ଣ୍ଣ ହେବ ବୋଲି ଆଶା କରାଯାଉଛି। ଶିକ୍ଷକ ସଂଘ ଏହି ନିଷ୍ପତ୍ତିକୁ ସ୍ୱାଗତ କରିଛି ଏବଂ ସ୍ଥାୟୀ ନିଯୁକ୍ତି ଦାବି କରିଛି।

ଜିଲ୍ଲାରେ ଥିବା ସମସ୍ତ ଦ୍ୱିତୀୟ ଶ୍ରେଣୀ ଶିକ୍ଷକ ପଦବୀ ଖାଲି ପଡ଼ିଛି। ଏହାଦ୍ୱାରା ବିଦ୍ୟାଳୟଗୁଡ଼ିକରେ ପାଠପଢ଼ା ପ୍ରଭାବିତ ହେଉଛି। ସରକାର ଶୀଘ୍ର ନିଯୁକ୍ତି ପ୍ରକ୍ରିୟା ଆରମ୍ଭ କରିବାକୁ ନିଷ୍ପତ୍ତି ନେଇଛନ୍ତି। ଅଭିଭାବକମାନେ ଚିନ୍ତା ପ୍ରକାଶ କରିଛନ୍ତି। ଶିକ୍ଷା ବିଭାଗ ପକ୍ଷରୁ ଏକ ସମୀକ୍ଷା ବୈଠକ ଡକାଯାଇଛି। ପ୍ରତ୍ୟେକ ବ୍ଲକରୁ ରିପୋର୍ଟ ମଗାଯାଇଛି। ଚୁକ୍ତିଭିତ୍ତିକ ଶିକ୍ଷକ ନିଯୁକ୍ତି ପାଇଁ ବିଜ୍ଞପ୍ତି ପ୍ରକାଶ ପାଇବ। ଏହି ପ୍ରକ୍ରିୟା ଆସନ୍ତା ମାସ ସୁଦ୍ଧା ସମ୍ପୂର୍ଣ୍ଣ ହେବ ବୋଲି ଆଶା କରାଯାଉଛି। ଶିକ୍ଷକ ସଂଘ ଏହି ନିଷ୍ପତ୍ତିକୁ ସ୍ୱାଗତ କରିଛି ଏବଂ ସ୍ଥାୟୀ ନିଯୁକ୍ତି ଦାବି କରିଛି।

ADVERTISEMENT
Desirous SUV owners willing to engage their vehicle for office use in Tahasil Office, Bhadrak are requested to appear in the office of the undersigned on 26.09.2012 at 4.00 P.M. for further negotiation.
Sd/.- Tahasildar, Bhadrak
BERHAMPUR MUNICIPAL CORPORATION
NOTICE INVITING BIDS (NIB) THROUGH e-procurement
BID IDENTIFICATION NO. : BMC (BAM)-31/2012-13
NIB No. 11608/X-E-3-18/10	Dt. 12.09.2012
1. Procurement Officer-Publisher/Officer Inviting the Tender/Bids (OIT)	City Engineer, Berhampur Municipal Corporation
2. Name of the Works	Civil Works
3. Nos. of Works	32 Nos.
4. Estimated Cost (Approx.) of the Works	Varies from Rs. 1.24 lakhs to Rs. 49.21 lakhs
5. Period of Availability of the Bid Documents/ Tenders for On-Line Bidding	From 15.00 hrs. of 17.09.2012 to 17.00 hrs. of Dt. 27.09.2012
6. Last Date & Time of Seeking and Furnishing Clarifications (if any) both On-Line & Off-Line	14.00 hrs. of Dt. 21.09.2012
7. Last Date & Time for Bidding On-Line (Submission of Technical Bids & Financial Bids)	17.00 hrs. of Dt. 27.09.2012
8. Last Date & Time for Submission of the Sealed Envelopes containing the EMD. Cost of the Bid Documents, ABS (if reqd.), Documents as asked for to fulfill the Eligibility Criteria of the Bidders for each Work	17.00 hrs. of Dt. 03.10.2012
9. Date & Time of Opening of the Bids	11.30 hrs. onwards on Dt. 04.10.2012
Further details can be seen in the DTCN available in the e-procurement Portal www.tendersorissa.gov.in.
Sd./- (12.09.2012), City Engineer
Berhampur Municipal Corporation
ଶିକ୍ଷା ଅଧିକାର
ଜିଲ୍ଲା ପ୍ରକଳ୍ପ କାର୍ଯ୍ୟାଳୟ, ସର୍ବ ଶିକ୍ଷା ଅଭିଯାନ, ଝାରସୁଗୁଡ଼ା
ସଂ.୨୦୩୦, ତା୧୦.୦୯.୨୦୧୨ରିଖ
ସୂଚନା

ଏତଦ୍ୱାରା ଏହି କାର୍ଯ୍ୟାଳୟର ବିଜ୍ଞାପନ ପତ୍ର ସଂ.୪୦୧୫, ତା୧୮.୦୮.୨୦୧୨ରିଖ ମାଧ୍ୟମରେ ଝାରସୁଗୁଡ଼ା ଜିଲ୍ଲା ପାଇଁ ସର୍ବ ଶିକ୍ଷା ଅଭିଯାନରେ ଶିକ୍ଷା ସହାୟକ ପଦ ପାଇଁ ଆବେଦନ କରିଥିବା ପ୍ରାର୍ଥୀ/ପ୍ରାର୍ଥୀନୀଙ୍କ ଚିଠା, ମୋଟ ତାଲିକା ଏବଂ ଯୋଗ୍ୟତା ତାଲିକା ପ୍ରକାଶ ପାଇଛି। ଏହି ତାଲିକା ଜିଲ୍ଲା ପ୍ରକଳ୍ପ କାର୍ଯ୍ୟାଳୟ, ଜିଲ୍ଲା ଶିକ୍ଷା ଅଧିକାରୀଙ୍କ କାର୍ଯ୍ୟାଳୟ ଏବଂ ସମସ୍ତ ବ୍ଲକ ସଂସାଧନ କେନ୍ଦ୍ରର ବିଜ୍ଞପ୍ତି ଫଳକରେ ପ୍ରଦର୍ଶିତ ହୋଇଛି। ଏଥିସହିତ ଏହି ତାଲିକା ଜିଲ୍ଲାର ୱେବସାଇଟ ରେ ମଧ୍ୟ ଉପଲବ୍ଧ। ଯଦି କୌଣସି ପ୍ରାର୍ଥୀ/ପ୍ରାର୍ଥୀନୀଙ୍କର ଏହି ତାଲିକା ସମ୍ବନ୍ଧରେ କୌଣସି ଅଭିଯୋଗ ଥାଏ, ତେବେ ନିମ୍ନ ପ୍ରଦତ୍ତ ପ୍ରପତ୍ରରେ ଜିଲ୍ଲା ପ୍ରକଳ୍ପ ସଂଯୋଜକ, ସର୍ବ ଶିକ୍ଷା ଅଭିଯାନ, ଝାରସୁଗୁଡ଼ାଙ୍କ କାର୍ଯ୍ୟାଳୟରେ ଆସନ୍ତା ୨୧.୦୯.୨୦୧୨ ସନ୍ଧ୍ୟା ୫ଟା ସୁଦ୍ଧା ଦାଖଲ କରିପାରିବେ। ନିର୍ଦ୍ଧାରିତ ସମୟ ପରେ ମିଳୁଥିବା ଅଭିଯୋଗ ଗ୍ରହଣ କରାଯିବ ନାହିଁ।

http://jharsuguda.nic.in

ଏତଦ୍ୱାରା ଏହି କାର୍ଯ୍ୟାଳୟର ବିଜ୍ଞାପନ ପତ୍ର ସଂ.୪୦୧୫, ତା୧୮.୦୮.୨୦୧୨ରିଖ ମାଧ୍ୟମରେ ଝାରସୁଗୁଡ଼ା ଜିଲ୍ଲା ପାଇଁ ସର୍ବ ଶିକ୍ଷା ଅଭିଯାନରେ ଶିକ୍ଷା ସହାୟକ ପଦ ପାଇଁ ଆବେଦନ କରିଥିବା ପ୍ରାର୍ଥୀ/ପ୍ରାର୍ଥୀନୀଙ୍କ ଚିଠା, ମୋଟ ତାଲିକା ଏବଂ ଯୋଗ୍ୟତା ତାଲିକା ପ୍ରକାଶ ପାଇଛି। ଏହି ତାଲିକା ଜିଲ୍ଲା ପ୍ରକଳ୍ପ କାର୍ଯ୍ୟାଳୟ, ଜିଲ୍ଲା ଶିକ୍ଷା ଅଧିକାରୀଙ୍କ କାର୍ଯ୍ୟାଳୟ ଏବଂ ସମସ୍ତ ବ୍ଲକ ସଂସାଧନ କେନ୍ଦ୍ରର ବିଜ୍ଞପ୍ତି ଫଳକରେ ପ୍ରଦର୍ଶିତ ହୋଇଛି। ଏଥିସହିତ ଏହି ତାଲିକା ଜିଲ୍ଲାର ୱେବସାଇଟ ରେ ମଧ୍ୟ ଉପଲବ୍ଧ। ଯଦି କୌଣସି ପ୍ରାର୍ଥୀ/ପ୍ରାର୍ଥୀନୀଙ୍କର ଏହି ତାଲିକା ସମ୍ବନ୍ଧରେ କୌଣସି ଅଭିଯୋଗ ଥାଏ, ତେବେ ନିମ୍ନ ପ୍ରଦତ୍ତ ପ୍ରପତ୍ରରେ ଜିଲ୍ଲା ପ୍ରକଳ୍ପ ସଂଯୋଜକ, ସର୍ବ ଶିକ୍ଷା ଅଭିଯାନ, ଝାରସୁଗୁଡ଼ାଙ୍କ କାର୍ଯ୍ୟାଳୟରେ ଆସନ୍ତା ୨୧.୦୯.୨୦୧୨ ସନ୍ଧ୍ୟା ୫ଟା ସୁଦ୍ଧା ଦାଖଲ କରିପାରିବେ। ନିର୍ଦ୍ଧାରିତ ସମୟ ପରେ ମିଳୁଥିବା ଅଭିଯୋଗ ଗ୍ରହଣ କରାଯିବ ନାହିଁ।

ସ୍ୱା./- ଜିଲ୍ଲାପାଳ ତଥା ମୁଖ୍ୟ କାର୍ଯ୍ୟନିର୍ବାହୀ ଅଧିକାରୀ
ଜିଲ୍ଲା ପ୍ରକଳ୍ପ, ଝାରସୁଗୁଡ଼ା
ଶିକ୍ଷା ସହାୟକ ନିଯୁକ୍ତି ସମ୍ବନ୍ଧୀୟ ଅଭିଯୋଗ ଆବେଦନ ଫର୍ମ
୧. ପ୍ରାର୍ଥୀ/ପ୍ରାର୍ଥୀନୀଙ୍କ ନାମ ଓ ଠିକଣା :
୨. ଡାଳିକାରେ ପ୍ରକାଶିତ ପ୍ରାର୍ଥୀ/ପ୍ରାର୍ଥୀନୀଙ୍କ ACK No. :
୩. ଅଭିଯୋଗର ବିବରଣୀ :
ସ୍ଥାନ :
ତାରିଖ :	ପ୍ରାର୍ଥୀ/ପ୍ରାର୍ଥୀନୀଙ୍କ ଦସ୍ତଖତ
ବି.ଦ୍ର.: ଅଭିଯୋଗ ଆବେଦନ ସହିତ ପ୍ରାର୍ଥୀ/ପ୍ରାର୍ଥୀନୀମାନେ ଆବଶ୍ୟକ ପ୍ରମାଣପତ୍ରର ନକଲ ସଂଲଗ୍ନ କରିବେ।
